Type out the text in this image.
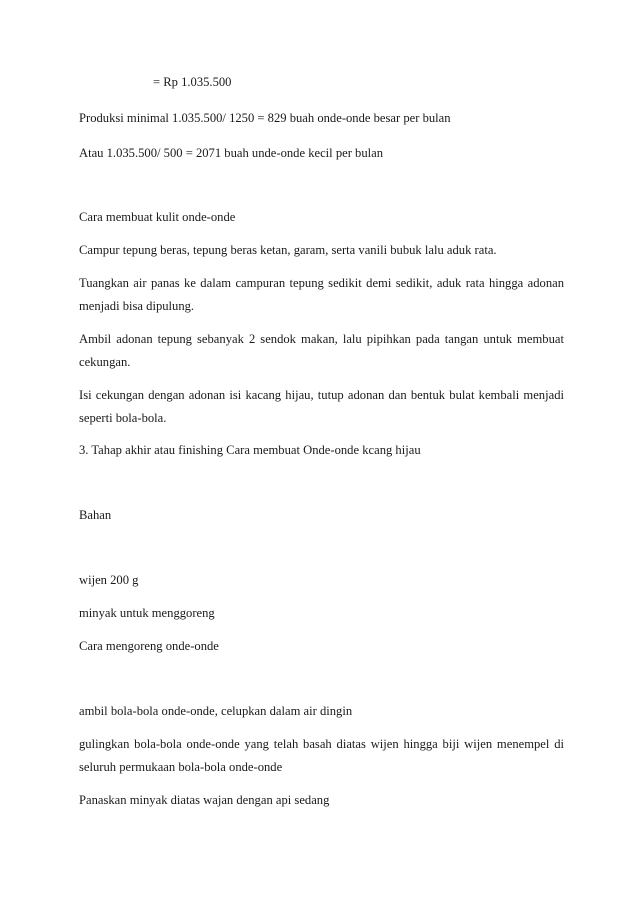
= Rp 1.035.500
Produksi minimal 1.035.500/ 1250 = 829 buah onde-onde besar per bulan
Atau 1.035.500/ 500 = 2071 buah unde-onde kecil per bulan
Cara membuat kulit onde-onde
Campur tepung beras, tepung beras ketan, garam, serta vanili bubuk lalu aduk rata.
Tuangkan air panas ke dalam campuran tepung sedikit demi sedikit, aduk rata hingga adonan
menjadi bisa dipulung.
Ambil adonan tepung sebanyak 2 sendok makan, lalu pipihkan pada tangan untuk membuat
cekungan.
Isi cekungan dengan adonan isi kacang hijau, tutup adonan dan bentuk bulat kembali menjadi
seperti bola-bola.
3. Tahap akhir atau finishing Cara membuat Onde-onde kcang hijau
Bahan
wijen 200 g
minyak untuk menggoreng
Cara mengoreng onde-onde
ambil bola-bola onde-onde, celupkan dalam air dingin
gulingkan bola-bola onde-onde yang telah basah diatas wijen hingga biji wijen menempel di
seluruh permukaan bola-bola onde-onde
Panaskan minyak diatas wajan dengan api sedang
